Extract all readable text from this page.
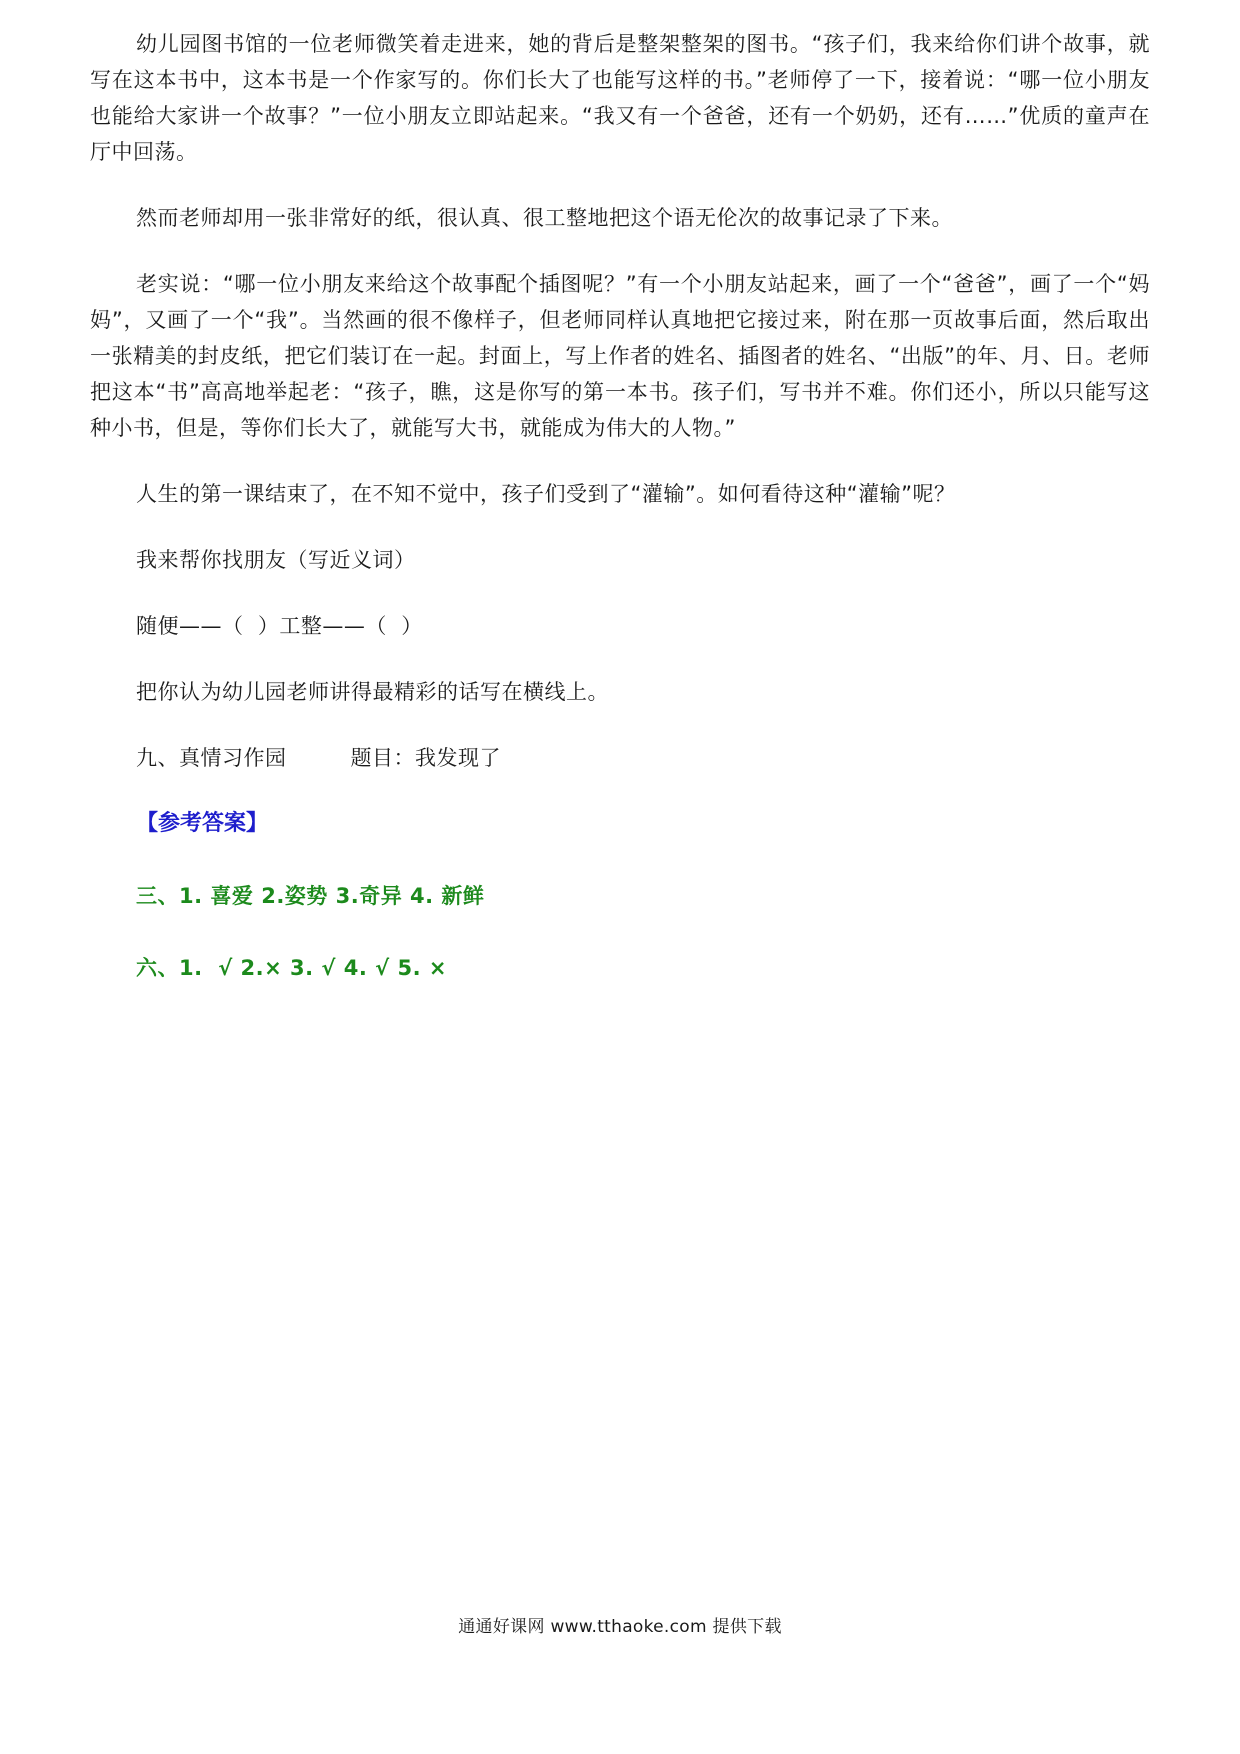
幼儿园图书馆的一位老师微笑着走进来，她的背后是整架整架的图书。“孩子们，我来给你们讲个故事，就写在这本书中，这本书是一个作家写的。你们长大了也能写这样的书。”老师停了一下，接着说：“哪一位小朋友也能给大家讲一个故事？”一位小朋友立即站起来。“我又有一个爸爸，还有一个奶奶，还有……”优质的童声在厅中回荡。

然而老师却用一张非常好的纸，很认真、很工整地把这个语无伦次的故事记录了下来。

老实说：“哪一位小朋友来给这个故事配个插图呢？”有一个小朋友站起来，画了一个“爸爸”，画了一个“妈妈”，又画了一个“我”。当然画的很不像样子，但老师同样认真地把它接过来，附在那一页故事后面，然后取出一张精美的封皮纸，把它们装订在一起。封面上，写上作者的姓名、插图者的姓名、“出版”的年、月、日。老师把这本“书”高高地举起老：“孩子，瞧，这是你写的第一本书。孩子们，写书并不难。你们还小，所以只能写这种小书，但是，等你们长大了，就能写大书，就能成为伟大的人物。”

人生的第一课结束了，在不知不觉中，孩子们受到了“灌输”。如何看待这种“灌输”呢？

我来帮你找朋友（写近义词）

随便——（  ）工整——（  ）

把你认为幼儿园老师讲得最精彩的话写在横线上。

九、真情习作园	题目：我发现了

【参考答案】

三、1. 喜爱 2.姿势 3.奇异 4. 新鲜

六、1.  √ 2.× 3. √ 4. √ 5. ×

通通好课网 www.tthaoke.com 提供下载
